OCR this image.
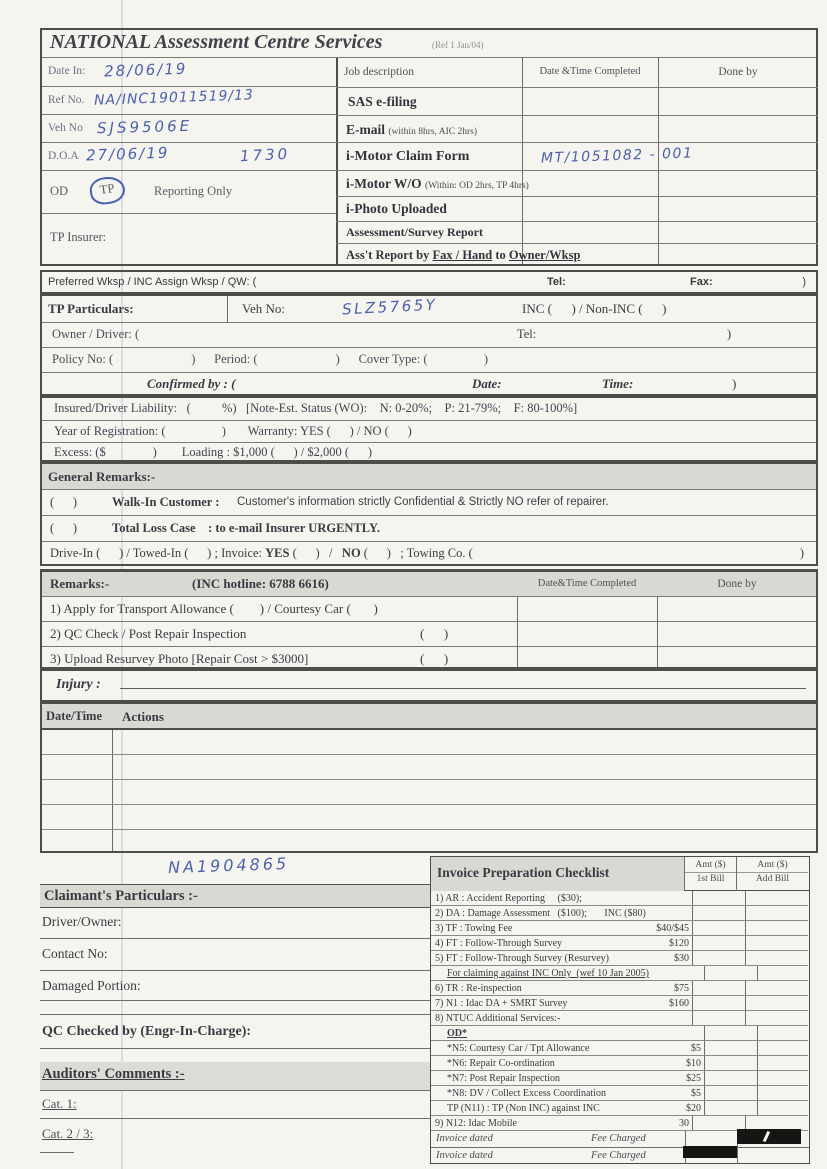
NATIONAL Assessment Centre Services	(Ref 1 Jan/04)
Date In: 28/06/19
Ref No. NA/INC19011519/13
Veh No SJS9506E
D.O.A 27/06/19	1730
OD	TP	Reporting Only
TP Insurer:
Job description	Date &Time Completed	Done by
SAS e-filing
E-mail (within 8hrs, AIC 2hrs)
i-Motor Claim Form	MT/1051082 - 001
i-Motor W/O (Within: OD 2hrs, TP 4hrs)
i-Photo Uploaded
Assessment/Survey Report
Ass't Report by Fax / Hand to Owner/Wksp
Preferred Wksp / INC Assign Wksp / QW: (	Tel:	Fax:	)
TP Particulars:	Veh No:	SLZ5765Y	INC (      ) / Non-INC (      )
Owner / Driver: (	Tel:	)
Policy No: (                         )      Period: (                         )      Cover Type: (                  )
Confirmed by : (	Date:	Time:	)
Insured/Driver Liability:   (          %)   [Note-Est. Status (WO):    N: 0-20%;    P: 21-79%;    F: 80-100%]
Year of Registration: (                  )       Warranty: YES (      ) / NO (      )
Excess: ($               )        Loading : $1,000 (      ) / $2,000 (      )
General Remarks:-
(      )	Walk-In Customer : Customer's information strictly Confidential & Strictly NO refer of repairer.
(      )	Total Loss Case    : to e-mail Insurer URGENTLY.
Drive-In (      ) / Towed-In (      ) ; Invoice: YES (      )   /   NO (      )   ; Towing Co. (	)
Remarks:-	(INC hotline: 6788 6616)	Date&Time Completed	Done by
1) Apply for Transport Allowance (        ) / Courtesy Car (       )
2) QC Check / Post Repair Inspection	(      )
3) Upload Resurvey Photo [Repair Cost > $3000]	(      )
Injury :
Date/Time Actions
NA1904865
Claimant's Particulars :-
Driver/Owner:
Contact No:
Damaged Portion:
QC Checked by (Engr-In-Charge):
Auditors' Comments :-
Cat. 1:
Cat. 2 / 3:
Invoice Preparation Checklist	Amt ($)
1st Bill
Amt ($)
Add Bill
1) AR : Accident Reporting     ($30);
2) DA : Damage Assessment   ($100);       INC ($80)
3) TF : Towing Fee	$40/$45
4) FT : Follow-Through Survey	$120
5) FT : Follow-Through Survey (Resurvey)	$30
For claiming against INC Only  (wef 10 Jan 2005)
6) TR : Re-inspection	$75
7) N1 : Idac DA + SMRT Survey	$160
8) NTUC Additional Services:-
OD*
*N5: Courtesy Car / Tpt Allowance	$5
*N6: Repair Co-ordination	$10
*N7: Post Repair Inspection	$25
*N8: DV / Collect Excess Coordination	$5
TP (N11) : TP (Non INC) against INC	$20
9) N12: Idac Mobile	30
Invoice dated	Fee Charged
Invoice dated	Fee Charged
